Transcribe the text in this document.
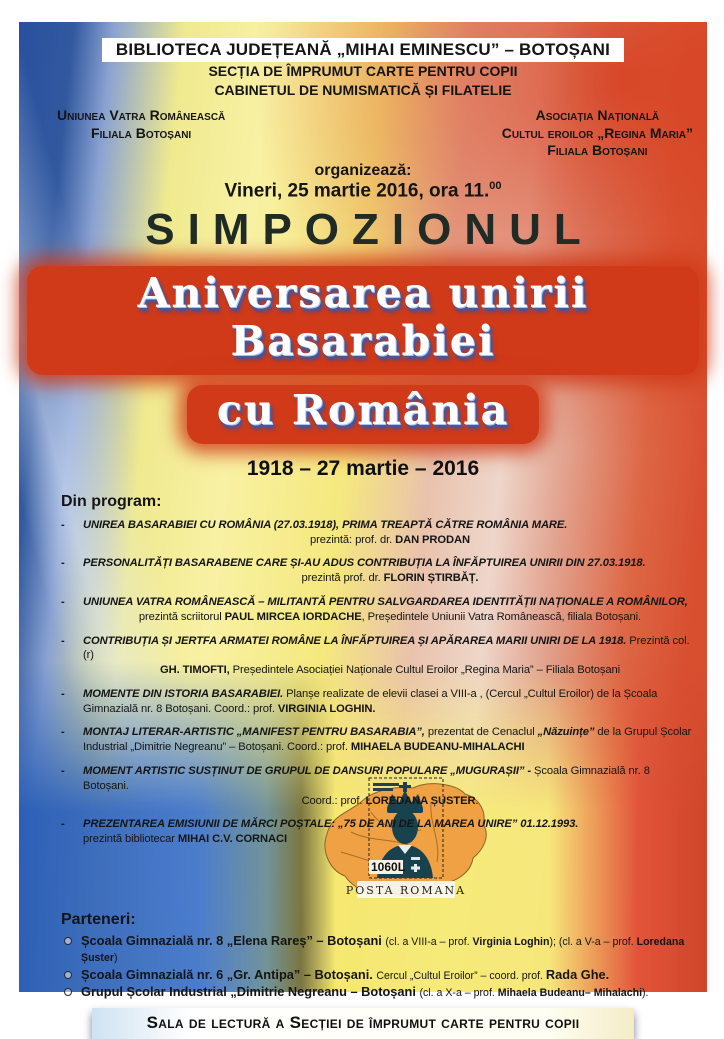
BIBLIOTECA JUDEȚEANĂ „MIHAI EMINESCU” – BOTOȘANI
SECȚIA DE ÎMPRUMUT CARTE PENTRU COPII
CABINETUL DE NUMISMATICĂ ȘI FILATELIE
Uniunea Vatra Românească
Filiala Botoșani
Asociația Națională
Cultul eroilor „Regina Maria”
Filiala Botoșani
organizează:
Vineri, 25 martie 2016, ora 11.00
SIMPOZIONUL
Aniversarea unirii Basarabiei
cu România
1918 – 27 martie – 2016
Din program:
-	UNIREA BASARABIEI CU ROMÂNIA (27.03.1918), PRIMA TREAPTĂ CĂTRE ROMÂNIA MARE.
prezintă: prof. dr. DAN PRODAN
-	PERSONALITĂȚI BASARABENE CARE ȘI-AU ADUS CONTRIBUȚIA LA ÎNFĂPTUIREA UNIRII DIN 27.03.1918.
prezintă prof. dr. FLORIN ȘTIRBĂȚ.
-	UNIUNEA VATRA ROMÂNEASCĂ – MILITANTĂ PENTRU SALVGARDAREA IDENTITĂȚII NAȚIONALE A ROMÂNILOR,
prezintă scriitorul PAUL MIRCEA IORDACHE, Președintele Uniunii Vatra Românească, filiala Botoșani.
-	CONTRIBUȚIA ȘI JERTFA ARMATEI ROMÂNE LA ÎNFĂPTUIREA ȘI APĂRAREA MARII UNIRI DE LA 1918. Prezintă col. (r)
GH. TIMOFTI, Președintele Asociației Naționale Cultul Eroilor „Regina Maria” – Filiala Botoșani
-	MOMENTE DIN ISTORIA BASARABIEI. Planșe realizate de elevii clasei a VIII-a , (Cercul „Cultul Eroilor) de la Școala Gimnazială nr. 8 Botoșani. Coord.: prof. VIRGINIA LOGHIN.
-	MONTAJ LITERAR-ARTISTIC „MANIFEST PENTRU BASARABIA”, prezentat de Cenaclul „Năzuințe” de la Grupul Școlar Industrial „Dimitrie Negreanu” – Botoșani. Coord.: prof. MIHAELA BUDEANU-MIHALACHI
-	MOMENT ARTISTIC SUSȚINUT DE GRUPUL DE DANSURI POPULARE „MUGURAȘII” - Școala Gimnazială nr. 8 Botoșani.
Coord.: prof. LOREDANA ȘUSTER.
-	PREZENTAREA EMISIUNII DE MĂRCI POȘTALE: „75 DE ANI DE LA MAREA UNIRE” 01.12.1993.
prezintă bibliotecar MIHAI C.V. CORNACI
1060L
POSTA ROMANA
Parteneri:
Școala Gimnazială nr. 8 „Elena Rareș” – Botoșani (cl. a VIII-a – prof. Virginia Loghin); (cl. a V-a – prof. Loredana Șuster)
Școala Gimnazială nr. 6 „Gr. Antipa” – Botoșani. Cercul „Cultul Eroilor” – coord. prof. Rada Ghe.
Grupul Școlar Industrial „Dimitrie Negreanu – Botoșani (cl. a X-a – prof. Mihaela Budeanu– Mihalachi).
Sala de lectură a Secției de împrumut carte pentru copii
